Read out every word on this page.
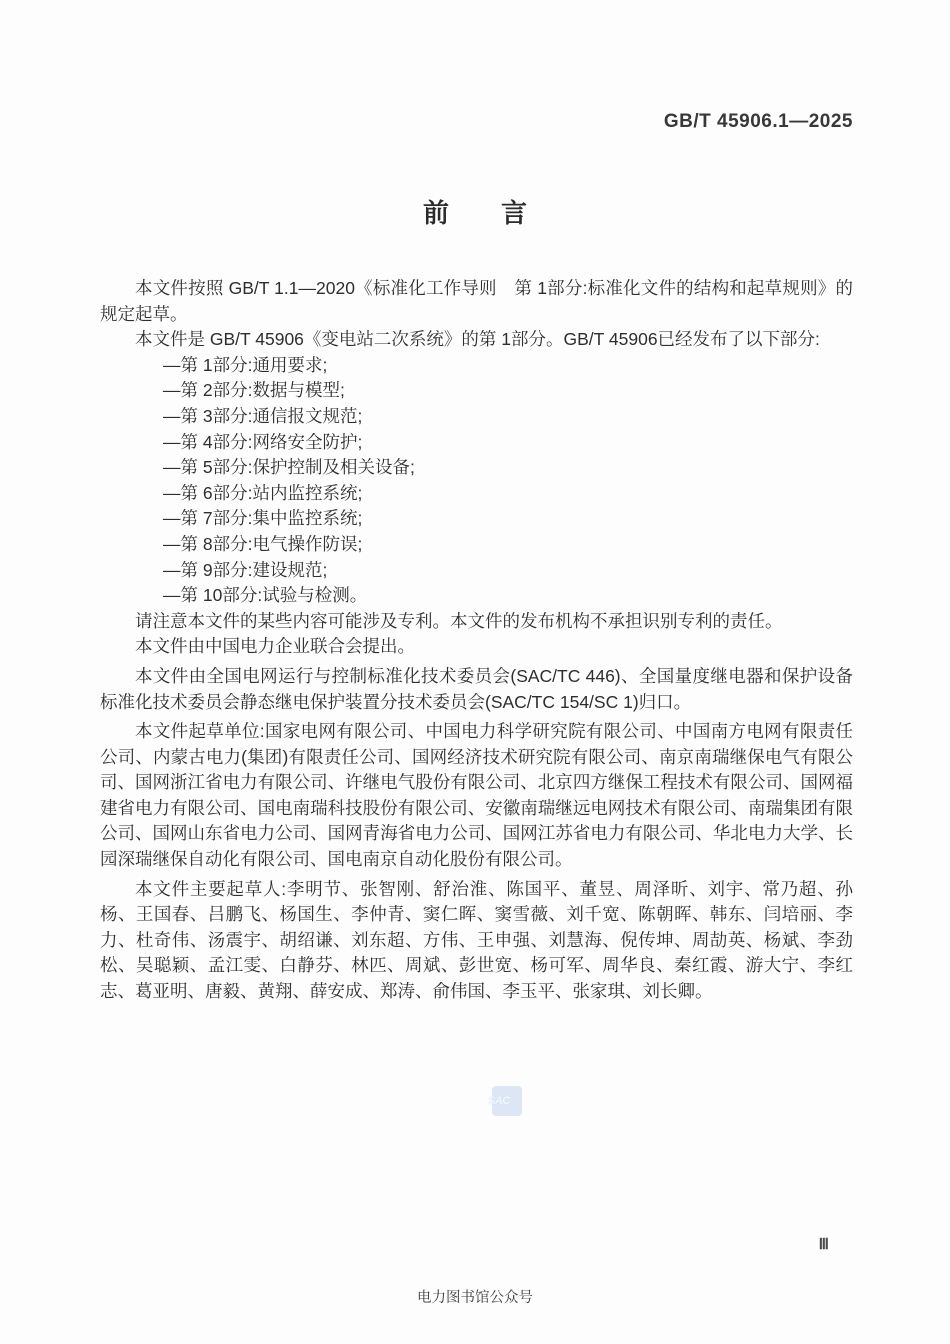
GB/T 45906.1—2025
前　　言

本文件按照 GB/T 1.1—2020《标准化工作导则　第 1部分:标准化文件的结构和起草规则》的规定起草。

本文件是 GB/T 45906《变电站二次系统》的第 1部分。GB/T 45906已经发布了以下部分:

—第 1部分:通用要求;
—第 2部分:数据与模型;
—第 3部分:通信报文规范;
—第 4部分:网络安全防护;
—第 5部分:保护控制及相关设备;
—第 6部分:站内监控系统;
—第 7部分:集中监控系统;
—第 8部分:电气操作防误;
—第 9部分:建设规范;
—第 10部分:试验与检测。

请注意本文件的某些内容可能涉及专利。本文件的发布机构不承担识别专利的责任。

本文件由中国电力企业联合会提出。

本文件由全国电网运行与控制标准化技术委员会(SAC/TC 446)、全国量度继电器和保护设备标准化技术委员会静态继电保护装置分技术委员会(SAC/TC 154/SC 1)归口。

本文件起草单位:国家电网有限公司、中国电力科学研究院有限公司、中国南方电网有限责任公司、内蒙古电力(集团)有限责任公司、国网经济技术研究院有限公司、南京南瑞继保电气有限公司、国网浙江省电力有限公司、许继电气股份有限公司、北京四方继保工程技术有限公司、国网福建省电力有限公司、国电南瑞科技股份有限公司、安徽南瑞继远电网技术有限公司、南瑞集团有限公司、国网山东省电力公司、国网青海省电力公司、国网江苏省电力有限公司、华北电力大学、长园深瑞继保自动化有限公司、国电南京自动化股份有限公司。

本文件主要起草人:李明节、张智刚、舒治淮、陈国平、董昱、周泽昕、刘宇、常乃超、孙杨、王国春、吕鹏飞、杨国生、李仲青、窦仁晖、窦雪薇、刘千宽、陈朝晖、韩东、闫培丽、李力、杜奇伟、汤震宇、胡绍谦、刘东超、方伟、王申强、刘慧海、倪传坤、周劼英、杨斌、李劲松、吴聪颖、孟江雯、白静芬、林匹、周斌、彭世宽、杨可军、周华良、秦红霞、游大宁、李红志、葛亚明、唐毅、黄翔、薛安成、郑涛、俞伟国、李玉平、张家琪、刘长卿。

SAC
Ⅲ
电力图书馆公众号
